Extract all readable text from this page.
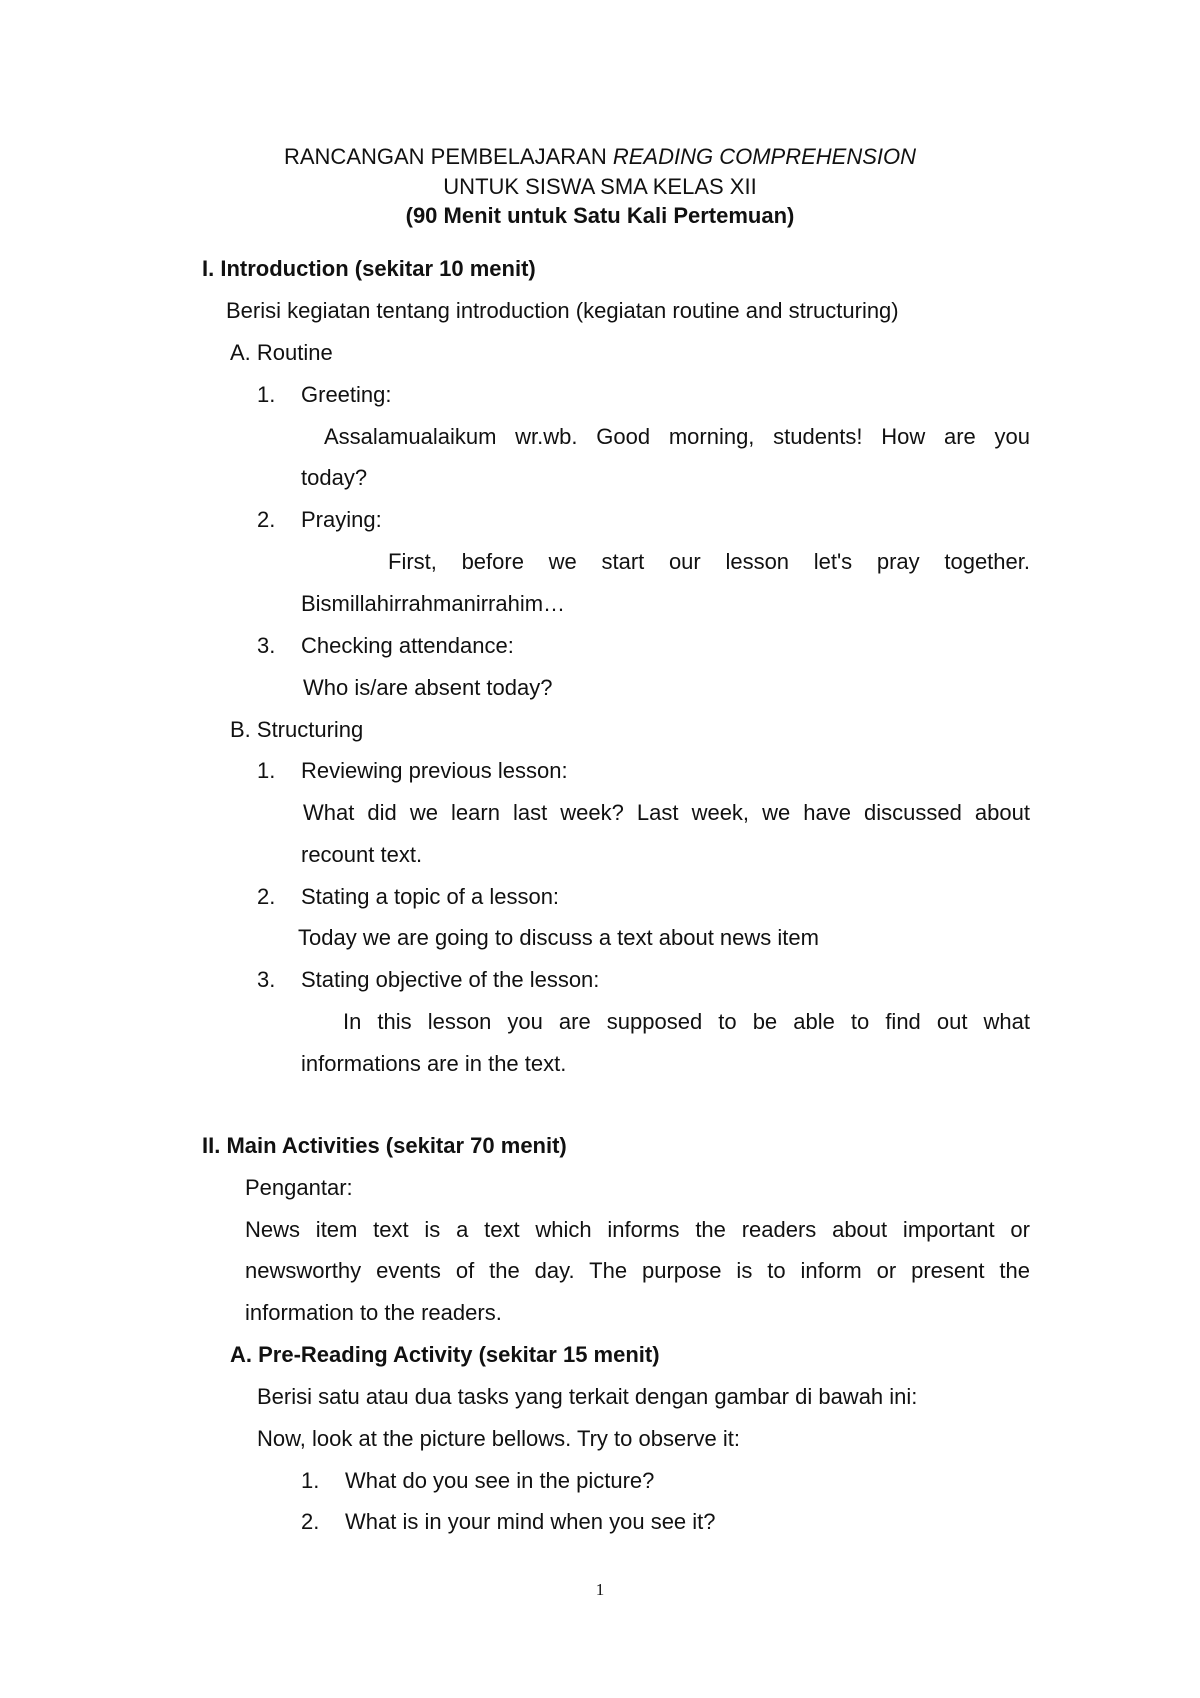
RANCANGAN PEMBELAJARAN READING COMPREHENSION
UNTUK SISWA SMA KELAS XII
(90 Menit untuk Satu Kali Pertemuan)
I. Introduction (sekitar 10 menit)
Berisi kegiatan tentang introduction (kegiatan routine and structuring)
A. Routine
1. Greeting:
Assalamualaikum wr.wb. Good morning, students! How are you
today?
2. Praying:
First, before we start our lesson let's pray together.
Bismillahirrahmanirrahim…
3. Checking attendance:
Who is/are absent today?
B. Structuring
1. Reviewing previous lesson:
What did we learn last week? Last week, we have discussed about
recount text.
2. Stating a topic of a lesson:
Today we are going to discuss a text about news item
3. Stating objective of the lesson:
In this lesson you are supposed to be able to find out what
informations are in the text.
II. Main Activities (sekitar 70 menit)
Pengantar:
News item text is a text which informs the readers about important or
newsworthy events of the day. The purpose is to inform or present the
information to the readers.
A. Pre-Reading Activity (sekitar 15 menit)
Berisi satu atau dua tasks yang terkait dengan gambar di bawah ini:
Now, look at the picture bellows. Try to observe it:
1. What do you see in the picture?
2. What is in your mind when you see it?
1
